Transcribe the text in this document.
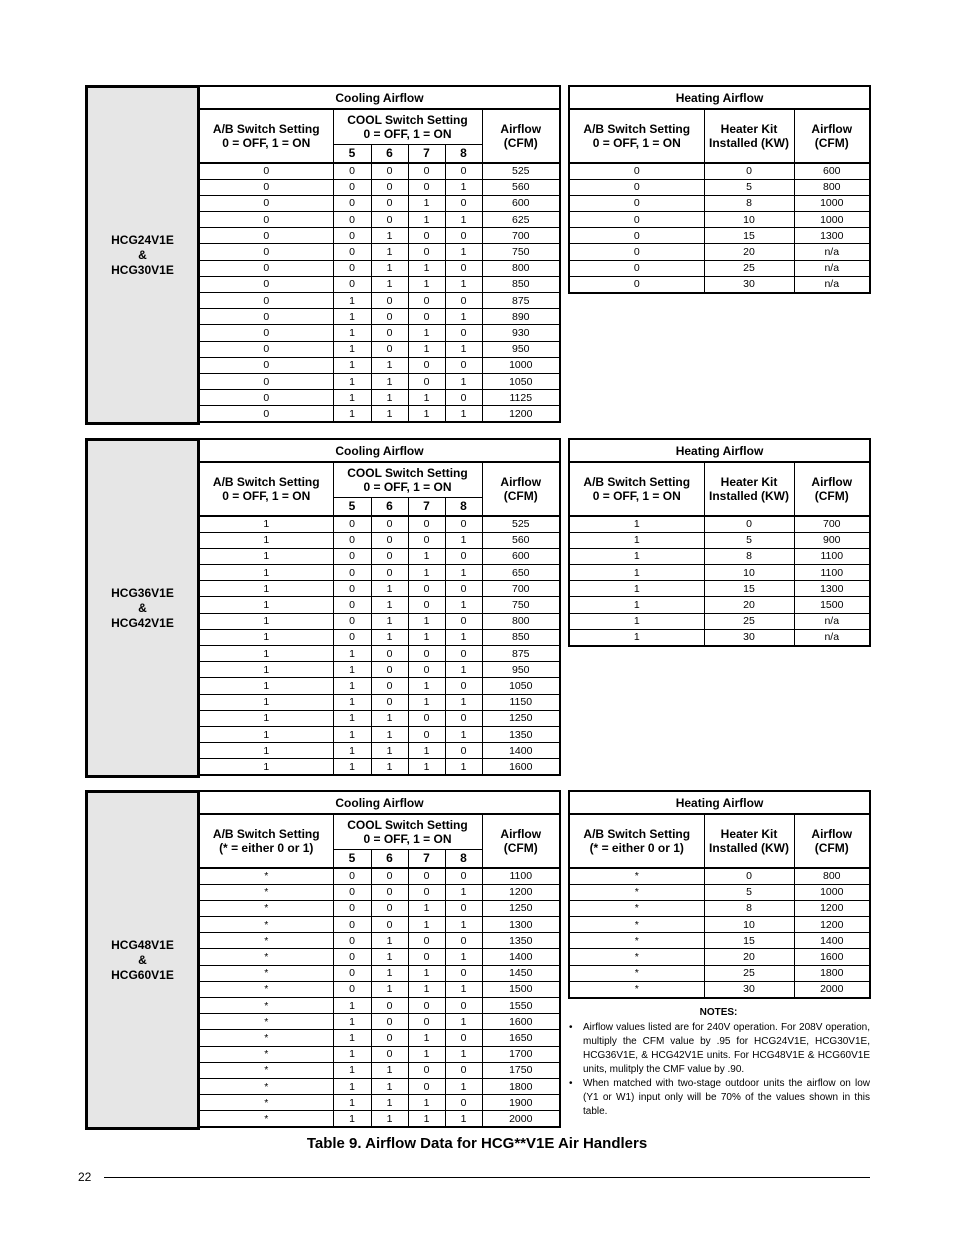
HCG24V1E
&
HCG30V1E
Cooling Airflow					
A/B Switch Setting
0 = OFF, 1 = ON	COOL Switch Setting
0 = OFF, 1 = ON				Airflow
(CFM)
	5	6	7	8	
0	0	0	0	0	525
0	0	0	0	1	560
0	0	0	1	0	600
0	0	0	1	1	625
0	0	1	0	0	700
0	0	1	0	1	750
0	0	1	1	0	800
0	0	1	1	1	850
0	1	0	0	0	875
0	1	0	0	1	890
0	1	0	1	0	930
0	1	0	1	1	950
0	1	1	0	0	1000
0	1	1	0	1	1050
0	1	1	1	0	1125
0	1	1	1	1	1200
Heating Airflow		
A/B Switch Setting
0 = OFF, 1 = ON	Heater Kit
Installed (KW)	Airflow
(CFM)
0	0	600
0	5	800
0	8	1000
0	10	1000
0	15	1300
0	20	n/a
0	25	n/a
0	30	n/a
HCG36V1E
&
HCG42V1E
Cooling Airflow					
A/B Switch Setting
0 = OFF, 1 = ON	COOL Switch Setting
0 = OFF, 1 = ON				Airflow
(CFM)
	5	6	7	8	
1	0	0	0	0	525
1	0	0	0	1	560
1	0	0	1	0	600
1	0	0	1	1	650
1	0	1	0	0	700
1	0	1	0	1	750
1	0	1	1	0	800
1	0	1	1	1	850
1	1	0	0	0	875
1	1	0	0	1	950
1	1	0	1	0	1050
1	1	0	1	1	1150
1	1	1	0	0	1250
1	1	1	0	1	1350
1	1	1	1	0	1400
1	1	1	1	1	1600
Heating Airflow		
A/B Switch Setting
0 = OFF, 1 = ON	Heater Kit
Installed (KW)	Airflow
(CFM)
1	0	700
1	5	900
1	8	1100
1	10	1100
1	15	1300
1	20	1500
1	25	n/a
1	30	n/a
HCG48V1E
&
HCG60V1E
Cooling Airflow					
A/B Switch Setting
(* = either 0 or 1)	COOL Switch Setting
0 = OFF, 1 = ON				Airflow
(CFM)
	5	6	7	8	
*	0	0	0	0	1100
*	0	0	0	1	1200
*	0	0	1	0	1250
*	0	0	1	1	1300
*	0	1	0	0	1350
*	0	1	0	1	1400
*	0	1	1	0	1450
*	0	1	1	1	1500
*	1	0	0	0	1550
*	1	0	0	1	1600
*	1	0	1	0	1650
*	1	0	1	1	1700
*	1	1	0	0	1750
*	1	1	0	1	1800
*	1	1	1	0	1900
*	1	1	1	1	2000
Heating Airflow		
A/B Switch Setting
(* = either 0 or 1)	Heater Kit
Installed (KW)	Airflow
(CFM)
*	0	800
*	5	1000
*	8	1200
*	10	1200
*	15	1400
*	20	1600
*	25	1800
*	30	2000
NOTES:
• Airflow values listed are for 240V operation. For 208V operation, multiply the CFM value by .95 for HCG24V1E, HCG30V1E, HCG36V1E, & HCG42V1E units. For HCG48V1E & HCG60V1E units, mulitply the CMF value by .90.
• When matched with two-stage outdoor units the airflow on low (Y1 or W1) input only will be 70% of the values shown in this table.
Table 9. Airflow Data for HCG**V1E Air Handlers
22
